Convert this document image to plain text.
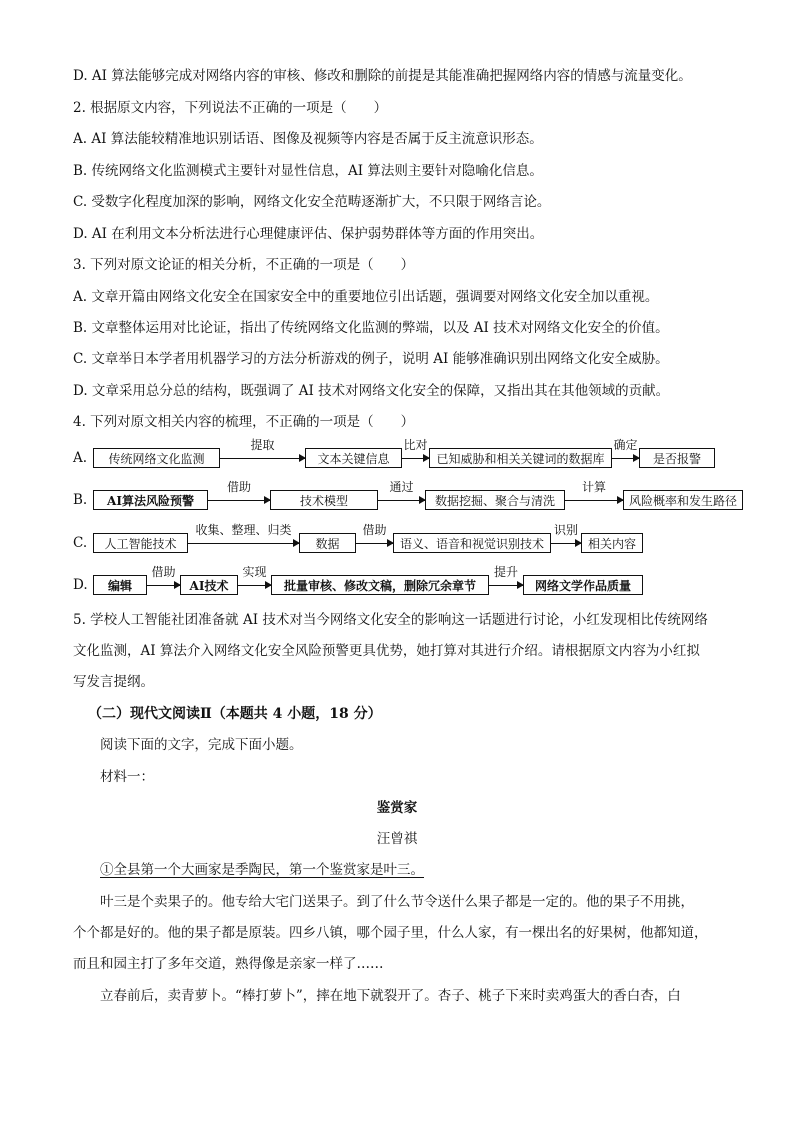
D. AI 算法能够完成对网络内容的审核、修改和删除的前提是其能准确把握网络内容的情感与流量变化。
2. 根据原文内容，下列说法不正确的一项是（　　）
A. AI 算法能较精准地识别话语、图像及视频等内容是否属于反主流意识形态。
B. 传统网络文化监测模式主要针对显性信息，AI 算法则主要针对隐喻化信息。
C. 受数字化程度加深的影响，网络文化安全范畴逐渐扩大，不只限于网络言论。
D. AI 在利用文本分析法进行心理健康评估、保护弱势群体等方面的作用突出。
3. 下列对原文论证的相关分析，不正确的一项是（　　）
A. 文章开篇由网络文化安全在国家安全中的重要地位引出话题，强调要对网络文化安全加以重视。
B. 文章整体运用对比论证，指出了传统网络文化监测的弊端，以及 AI 技术对网络文化安全的价值。
C. 文章举日本学者用机器学习的方法分析游戏的例子，说明 AI 能够准确识别出网络文化安全威胁。
D. 文章采用总分总的结构，既强调了 AI 技术对网络文化安全的保障，又指出其在其他领域的贡献。
4. 下列对原文相关内容的梳理，不正确的一项是（　　）
A.	传统网络文化监测
提取
文本关键信息
比对
已知威胁和相关关键词的数据库
确定
是否报警
B.	AI算法风险预警
借助
技术模型
通过
数据挖掘、聚合与清洗
计算
风险概率和发生路径
C.	人工智能技术
收集、整理、归类
数据
借助
语义、语音和视觉识别技术
识别
相关内容
D.	编辑
借助
AI技术
实现
批量审核、修改文稿，删除冗余章节
提升
网络文学作品质量
5. 学校人工智能社团准备就 AI 技术对当今网络文化安全的影响这一话题进行讨论，小红发现相比传统网络
文化监测，AI 算法介入网络文化安全风险预警更具优势，她打算对其进行介绍。请根据原文内容为小红拟
写发言提纲。
（二）现代文阅读Ⅱ（本题共 4 小题，18 分）
阅读下面的文字，完成下面小题。
材料一：
鉴赏家
汪曾祺
①全县第一个大画家是季陶民，第一个鉴赏家是叶三。
叶三是个卖果子的。他专给大宅门送果子。到了什么节令送什么果子都是一定的。他的果子不用挑，
个个都是好的。他的果子都是原装。四乡八镇，哪个园子里，什么人家，有一棵出名的好果树，他都知道，
而且和园主打了多年交道，熟得像是亲家一样了……
立春前后，卖青萝卜。“棒打萝卜”，摔在地下就裂开了。杏子、桃子下来时卖鸡蛋大的香白杏，白
